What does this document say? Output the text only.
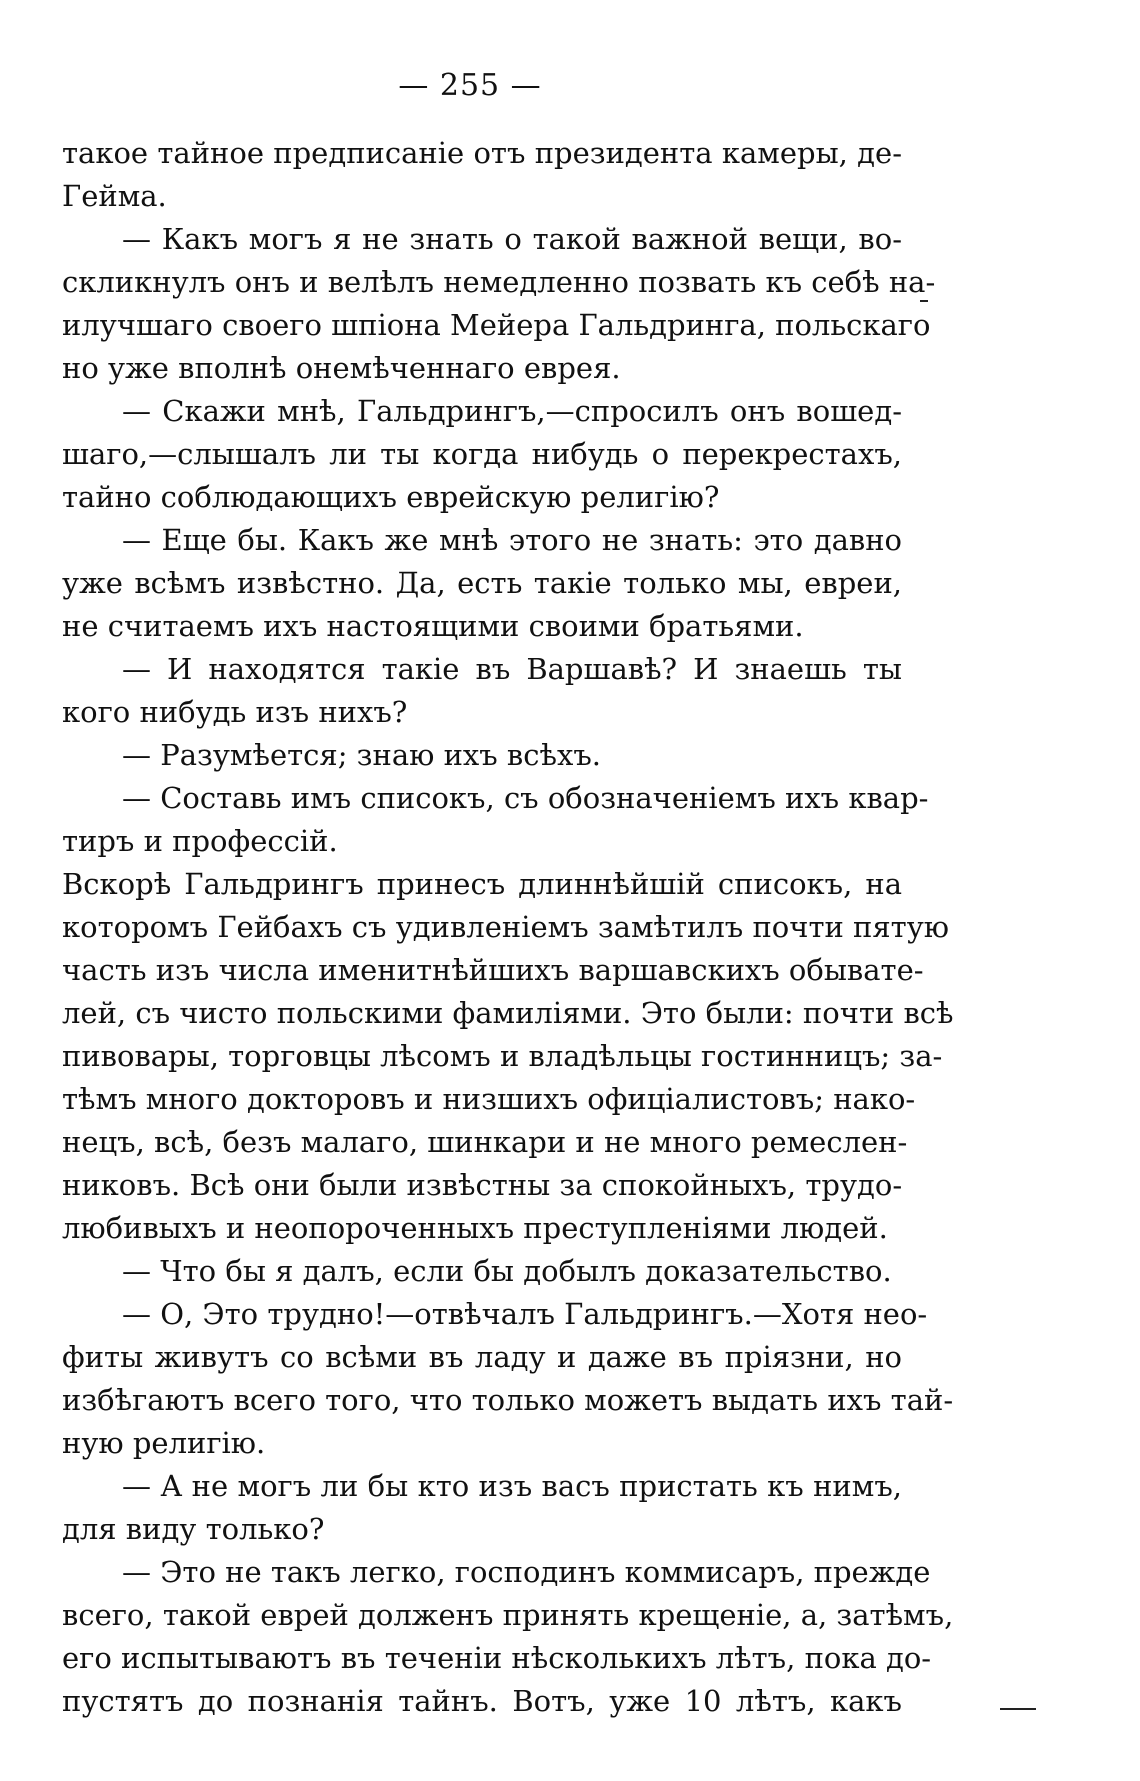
— 255 —
такое тайное предписаніе отъ президента камеры, де-
Гейма.
— Какъ могъ я не знать о такой важной вещи, во-
скликнулъ онъ и велѣлъ немедленно позвать къ себѣ на-
илучшаго своего шпіона Мейера Гальдринга, польскаго
но уже вполнѣ онемѣченнаго еврея.
— Скажи мнѣ, Гальдрингъ,—спросилъ онъ вошед-
шаго,—слышалъ ли ты когда нибудь о перекрестахъ,
тайно соблюдающихъ еврейскую религію?
— Еще бы. Какъ же мнѣ этого не знать: это давно
уже всѣмъ извѣстно. Да, есть такіе только мы, евреи,
не считаемъ ихъ настоящими своими братьями.
— И находятся такіе въ Варшавѣ? И знаешь ты
кого нибудь изъ нихъ?
— Разумѣется; знаю ихъ всѣхъ.
— Составь имъ списокъ, съ обозначеніемъ ихъ квар-
тиръ и профессій.
Вскорѣ Гальдрингъ принесъ длиннѣйшій списокъ, на
которомъ Гейбахъ съ удивленіемъ замѣтилъ почти пятую
часть изъ числа именитнѣйшихъ варшавскихъ обывате-
лей, съ чисто польскими фамиліями. Это были: почти всѣ
пивовары, торговцы лѣсомъ и владѣльцы гостинницъ; за-
тѣмъ много докторовъ и низшихъ офиціалистовъ; нако-
нецъ, всѣ, безъ малаго, шинкари и не много ремеслен-
никовъ. Всѣ они были извѣстны за спокойныхъ, трудо-
любивыхъ и неопороченныхъ преступленіями людей.
— Что бы я далъ, если бы добылъ доказательство.
— О, Это трудно!—отвѣчалъ Гальдрингъ.—Хотя нео-
фиты живутъ со всѣми въ ладу и даже въ пріязни, но
избѣгаютъ всего того, что только можетъ выдать ихъ тай-
ную религію.
— А не могъ ли бы кто изъ васъ пристать къ нимъ,
для виду только?
— Это не такъ легко, господинъ коммисаръ, прежде
всего, такой еврей долженъ принять крещеніе, а, затѣмъ,
его испытываютъ въ теченіи нѣсколькихъ лѣтъ, пока до-
пустятъ до познанія тайнъ. Вотъ, уже 10 лѣтъ, какъ
